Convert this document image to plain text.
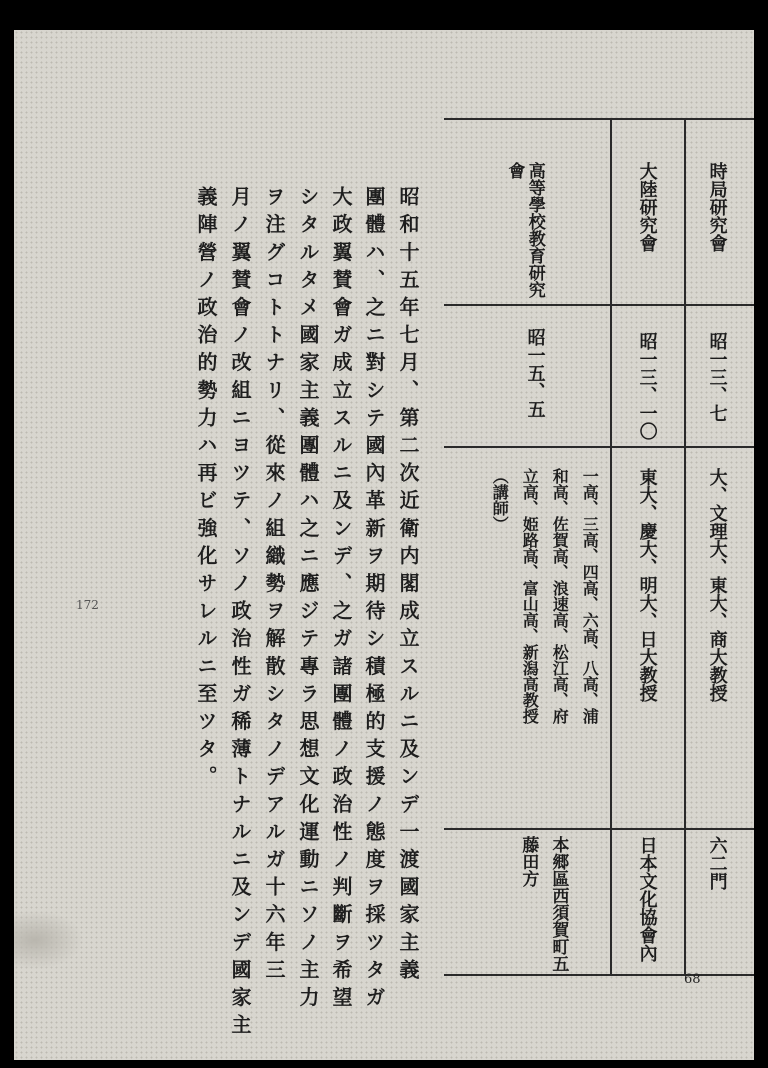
昭和十五年七月、第二次近衛内閣成立スルニ及ンデ一渡國家主義
團體ハ、之ニ對シテ國內革新ヲ期待シ積極的支援ノ態度ヲ採ツタガ
大政翼賛會ガ成立スルニ及ンデ、之ガ諸團體ノ政治性ノ判斷ヲ希望
シタルタメ國家主義團體ハ之ニ應ジテ專ラ思想文化運動ニソノ主力
ヲ注グコトトナリ、從來ノ組織勢ヲ解散シタノデアルガ十六年三
月ノ翼賛會ノ改組ニヨツテ、ソノ政治性ガ稀薄トナルニ及ンデ國家主
義陣營ノ政治的勢力ハ再ビ強化サレルニ至ツタ。	時局研究會
昭一三、七
大、文理大、東大、商大教授
六二門
大陸研究會
昭一三、一〇
東大、慶大、明大、日大教授
日本文化協會內
高等學校教育研究會
昭一五、五
一高、三高、四高、六高、八高、浦
和高、佐賀高、浪速高、松江高、府
立高、姫路高、富山高、新潟高教授
（講師）
本郷區西須賀町五
藤田方
68
172
